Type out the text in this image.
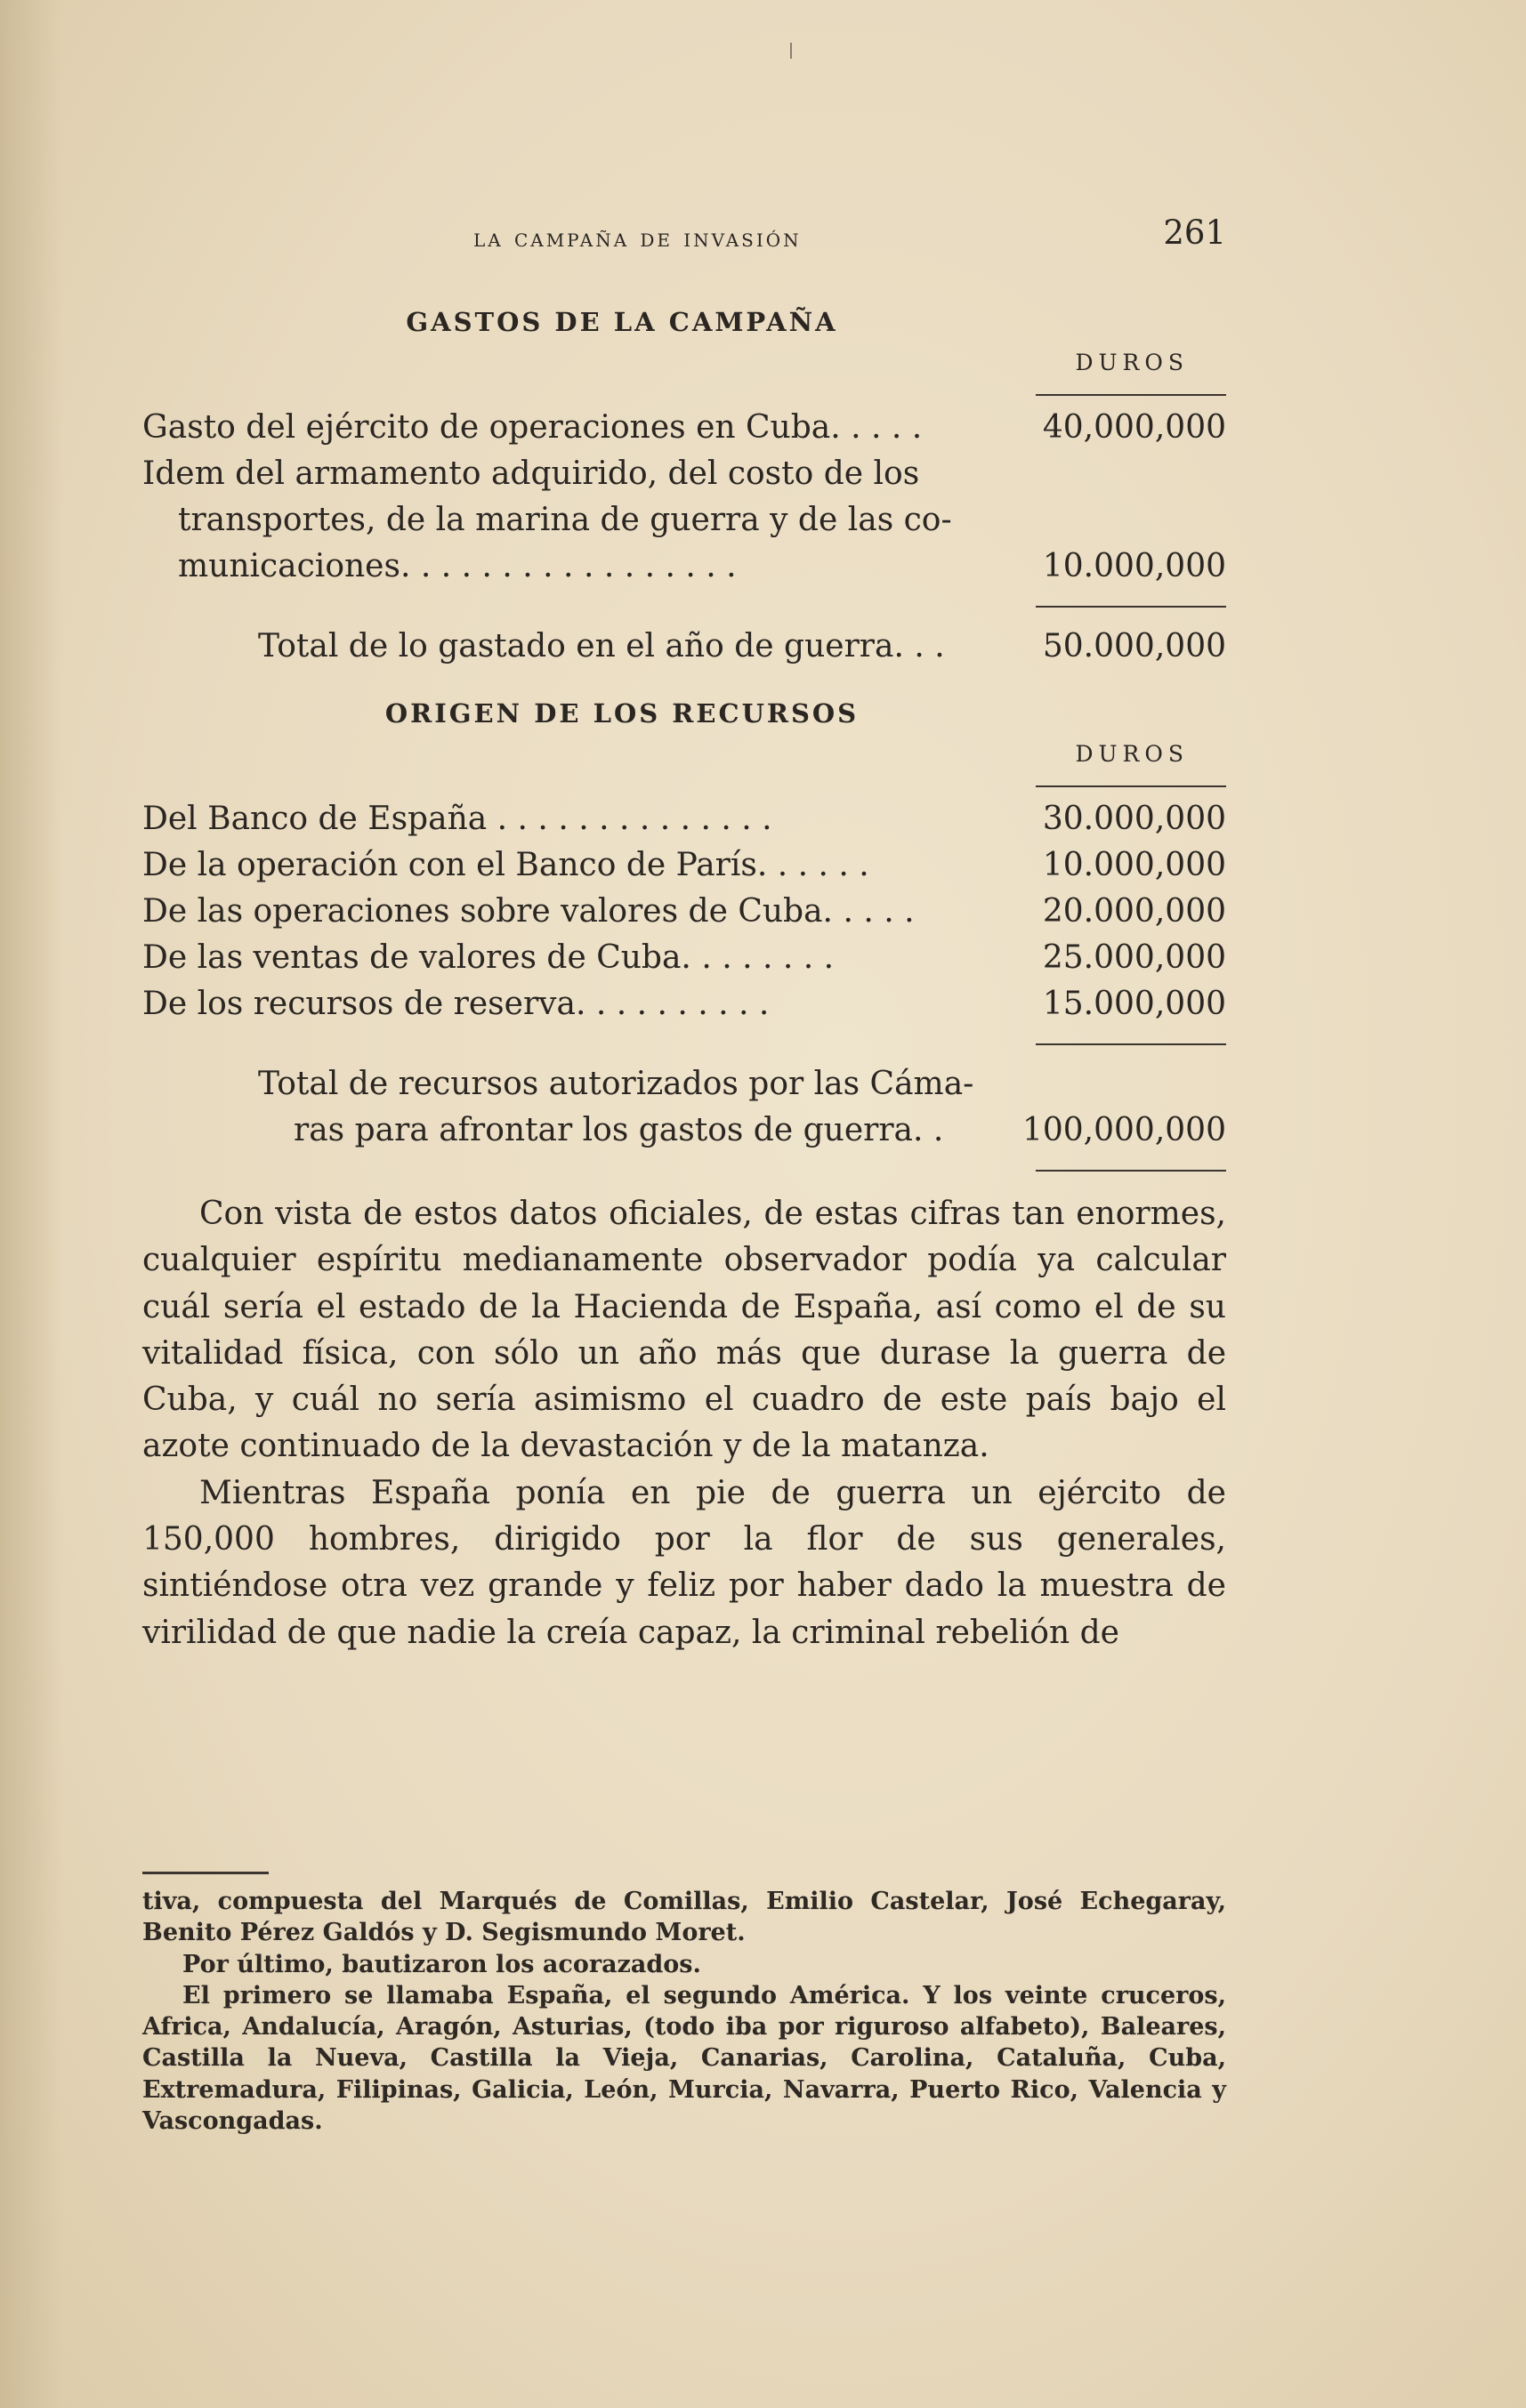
la campaña de invasión	261
GASTOS DE LA CAMPAÑA
DUROS
Gasto del ejército de operaciones en Cuba. . . . .	40,000,000
Idem del armamento adquirido, del costo de los
transportes, de la marina de guerra y de las co-
municaciones. . . . . . . . . . . . . . . . .	10.000,000
Total de lo gastado en el año de guerra. . .	50.000,000
ORIGEN DE LOS RECURSOS
DUROS
Del Banco de España . . . . . . . . . . . . . .	30.000,000
De la operación con el Banco de París. . . . . .	10.000,000
De las operaciones sobre valores de Cuba. . . . .	20.000,000
De las ventas de valores de Cuba. . . . . . . .	25.000,000
De los recursos de reserva. . . . . . . . . .	15.000,000
Total de recursos autorizados por las Cáma-
ras para afrontar los gastos de guerra. . 100,000,000

Con vista de estos datos oficiales, de estas cifras tan enormes, cualquier espíritu medianamente observador podía ya calcular cuál sería el estado de la Hacienda de España, así como el de su vitalidad física, con sólo un año más que durase la guerra de Cuba, y cuál no sería asimismo el cuadro de este país bajo el azote continuado de la devastación y de la matanza.

Mientras España ponía en pie de guerra un ejército de 150,000 hombres, dirigido por la flor de sus generales, sintiéndose otra vez grande y feliz por haber dado la muestra de virilidad de que nadie la creía capaz, la criminal rebelión de

tiva, compuesta del Marqués de Comillas, Emilio Castelar, José Echegaray, Benito Pérez Galdós y D. Segismundo Moret.

Por último, bautizaron los acorazados.

El primero se llamaba España, el segundo América. Y los veinte cruceros, Africa, Andalucía, Aragón, Asturias, (todo iba por riguroso alfabeto), Baleares, Castilla la Nueva, Castilla la Vieja, Canarias, Carolina, Cataluña, Cuba, Extremadura, Filipinas, Galicia, León, Murcia, Navarra, Puerto Rico, Valencia y Vascongadas.
